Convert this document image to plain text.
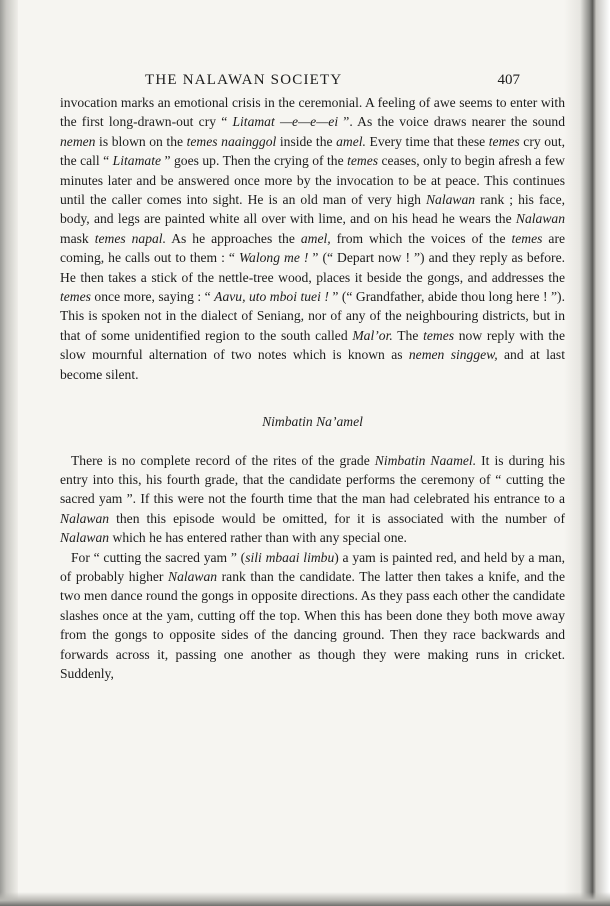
THE NALAWAN SOCIETY	407

invocation marks an emotional crisis in the ceremonial. A feeling of awe seems to enter with the first long-drawn-out cry “ Litamat —e—e—ei ”. As the voice draws nearer the sound nemen is blown on the temes naainggol inside the amel. Every time that these temes cry out, the call “ Litamate ” goes up. Then the crying of the temes ceases, only to begin afresh a few minutes later and be answered once more by the invocation to be at peace. This continues until the caller comes into sight. He is an old man of very high Nalawan rank ; his face, body, and legs are painted white all over with lime, and on his head he wears the Nalawan mask temes napal. As he approaches the amel, from which the voices of the temes are coming, he calls out to them : “ Walong me ! ” (“ Depart now ! ”) and they reply as before. He then takes a stick of the nettle-tree wood, places it beside the gongs, and addresses the temes once more, saying : “ Aavu, uto mboi tuei ! ” (“ Grandfather, abide thou long here ! ”). This is spoken not in the dialect of Seniang, nor of any of the neighbouring districts, but in that of some unidentified region to the south called Mal’or. The temes now reply with the slow mournful alternation of two notes which is known as nemen singgew, and at last become silent.

Nimbatin Na’amel

There is no complete record of the rites of the grade Nimbatin Naamel. It is during his entry into this, his fourth grade, that the candidate performs the ceremony of “ cutting the sacred yam ”. If this were not the fourth time that the man had celebrated his entrance to a Nalawan then this episode would be omitted, for it is associated with the number of Nalawan which he has entered rather than with any special one.

For “ cutting the sacred yam ” (sili mbaai limbu) a yam is painted red, and held by a man, of probably higher Nalawan rank than the candidate. The latter then takes a knife, and the two men dance round the gongs in opposite directions. As they pass each other the candidate slashes once at the yam, cutting off the top. When this has been done they both move away from the gongs to opposite sides of the dancing ground. Then they race backwards and forwards across it, passing one another as though they were making runs in cricket. Suddenly,
